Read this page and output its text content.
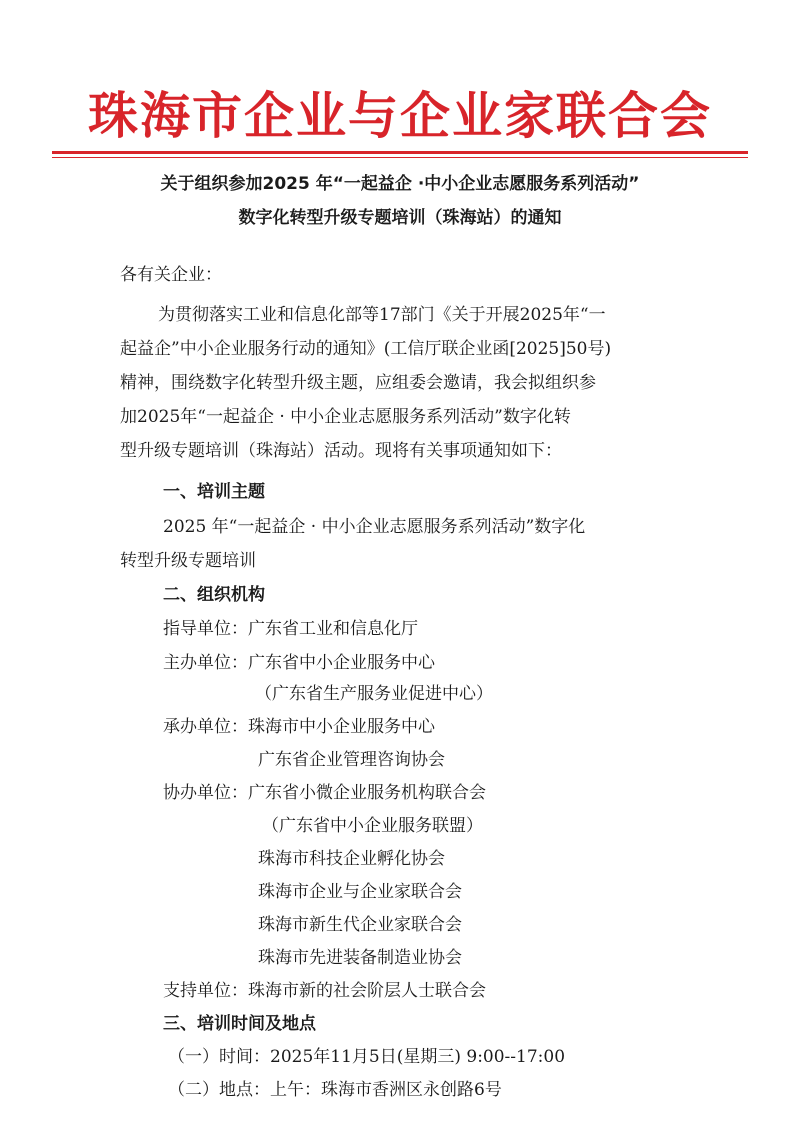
珠海市企业与企业家联合会
关于组织参加2025 年“一起益企 ·中小企业志愿服务系列活动”
数字化转型升级专题培训（珠海站）的通知
各有关企业：
为贯彻落实工业和信息化部等17部门《关于开展2025年“一
起益企”中小企业服务行动的通知》(工信厅联企业函[2025]50号)
精神，围绕数字化转型升级主题，应组委会邀请，我会拟组织参
加2025年“一起益企 · 中小企业志愿服务系列活动”数字化转
型升级专题培训（珠海站）活动。现将有关事项通知如下：
一、培训主题
2025 年“一起益企 · 中小企业志愿服务系列活动”数字化
转型升级专题培训
二、组织机构
指导单位：广东省工业和信息化厅
主办单位：广东省中小企业服务中心
（广东省生产服务业促进中心）
承办单位：珠海市中小企业服务中心
广东省企业管理咨询协会
协办单位：广东省小微企业服务机构联合会
（广东省中小企业服务联盟）
珠海市科技企业孵化协会
珠海市企业与企业家联合会
珠海市新生代企业家联合会
珠海市先进装备制造业协会
支持单位：珠海市新的社会阶层人士联合会
三、培训时间及地点
（一）时间：2025年11月5日(星期三) 9:00--17:00
（二）地点：上午：珠海市香洲区永创路6号
